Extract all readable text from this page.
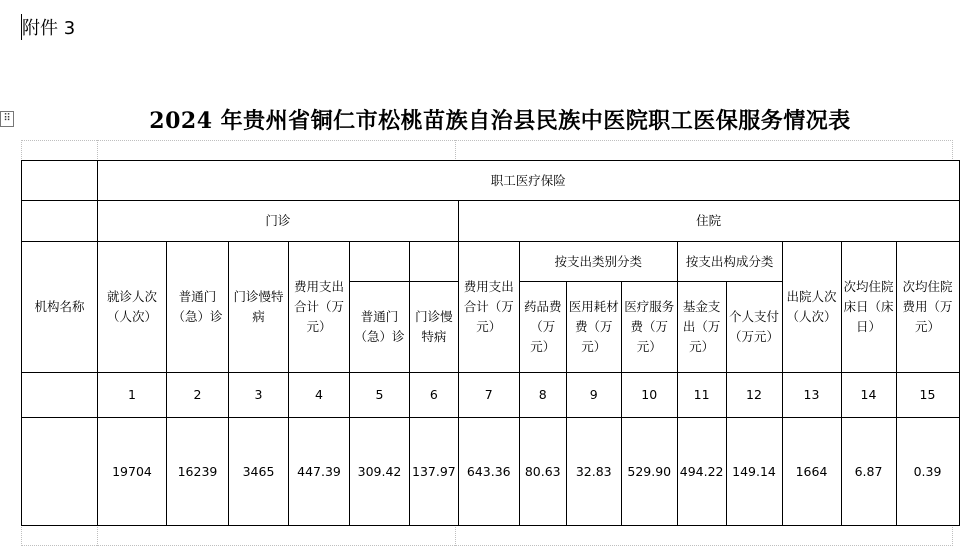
附件 3
⠿	2024 年贵州省铜仁市松桃苗族自治县民族中医院职工医保服务情况表
	职工医疗保险														
	门诊						住院								
机构名称	就诊人次（人次）	普通门（急）诊	门诊慢特病	费用支出合计（万元）			费用支出合计（万元）	按支出类别分类			按支出构成分类		出院人次（人次）	次均住院床日（床日）	次均住院费用（万元）
					普通门（急）诊	门诊慢特病		药品费（万元）	医用耗材费（万元）	医疗服务费（万元）	基金支出（万元）	个人支付（万元）			
	1	2	3	4	5	6	7	8	9	10	11	12	13	14	15
	19704	16239	3465	447.39	309.42	137.97	643.36	80.63	32.83	529.90	494.22	149.14	1664	6.87	0.39
